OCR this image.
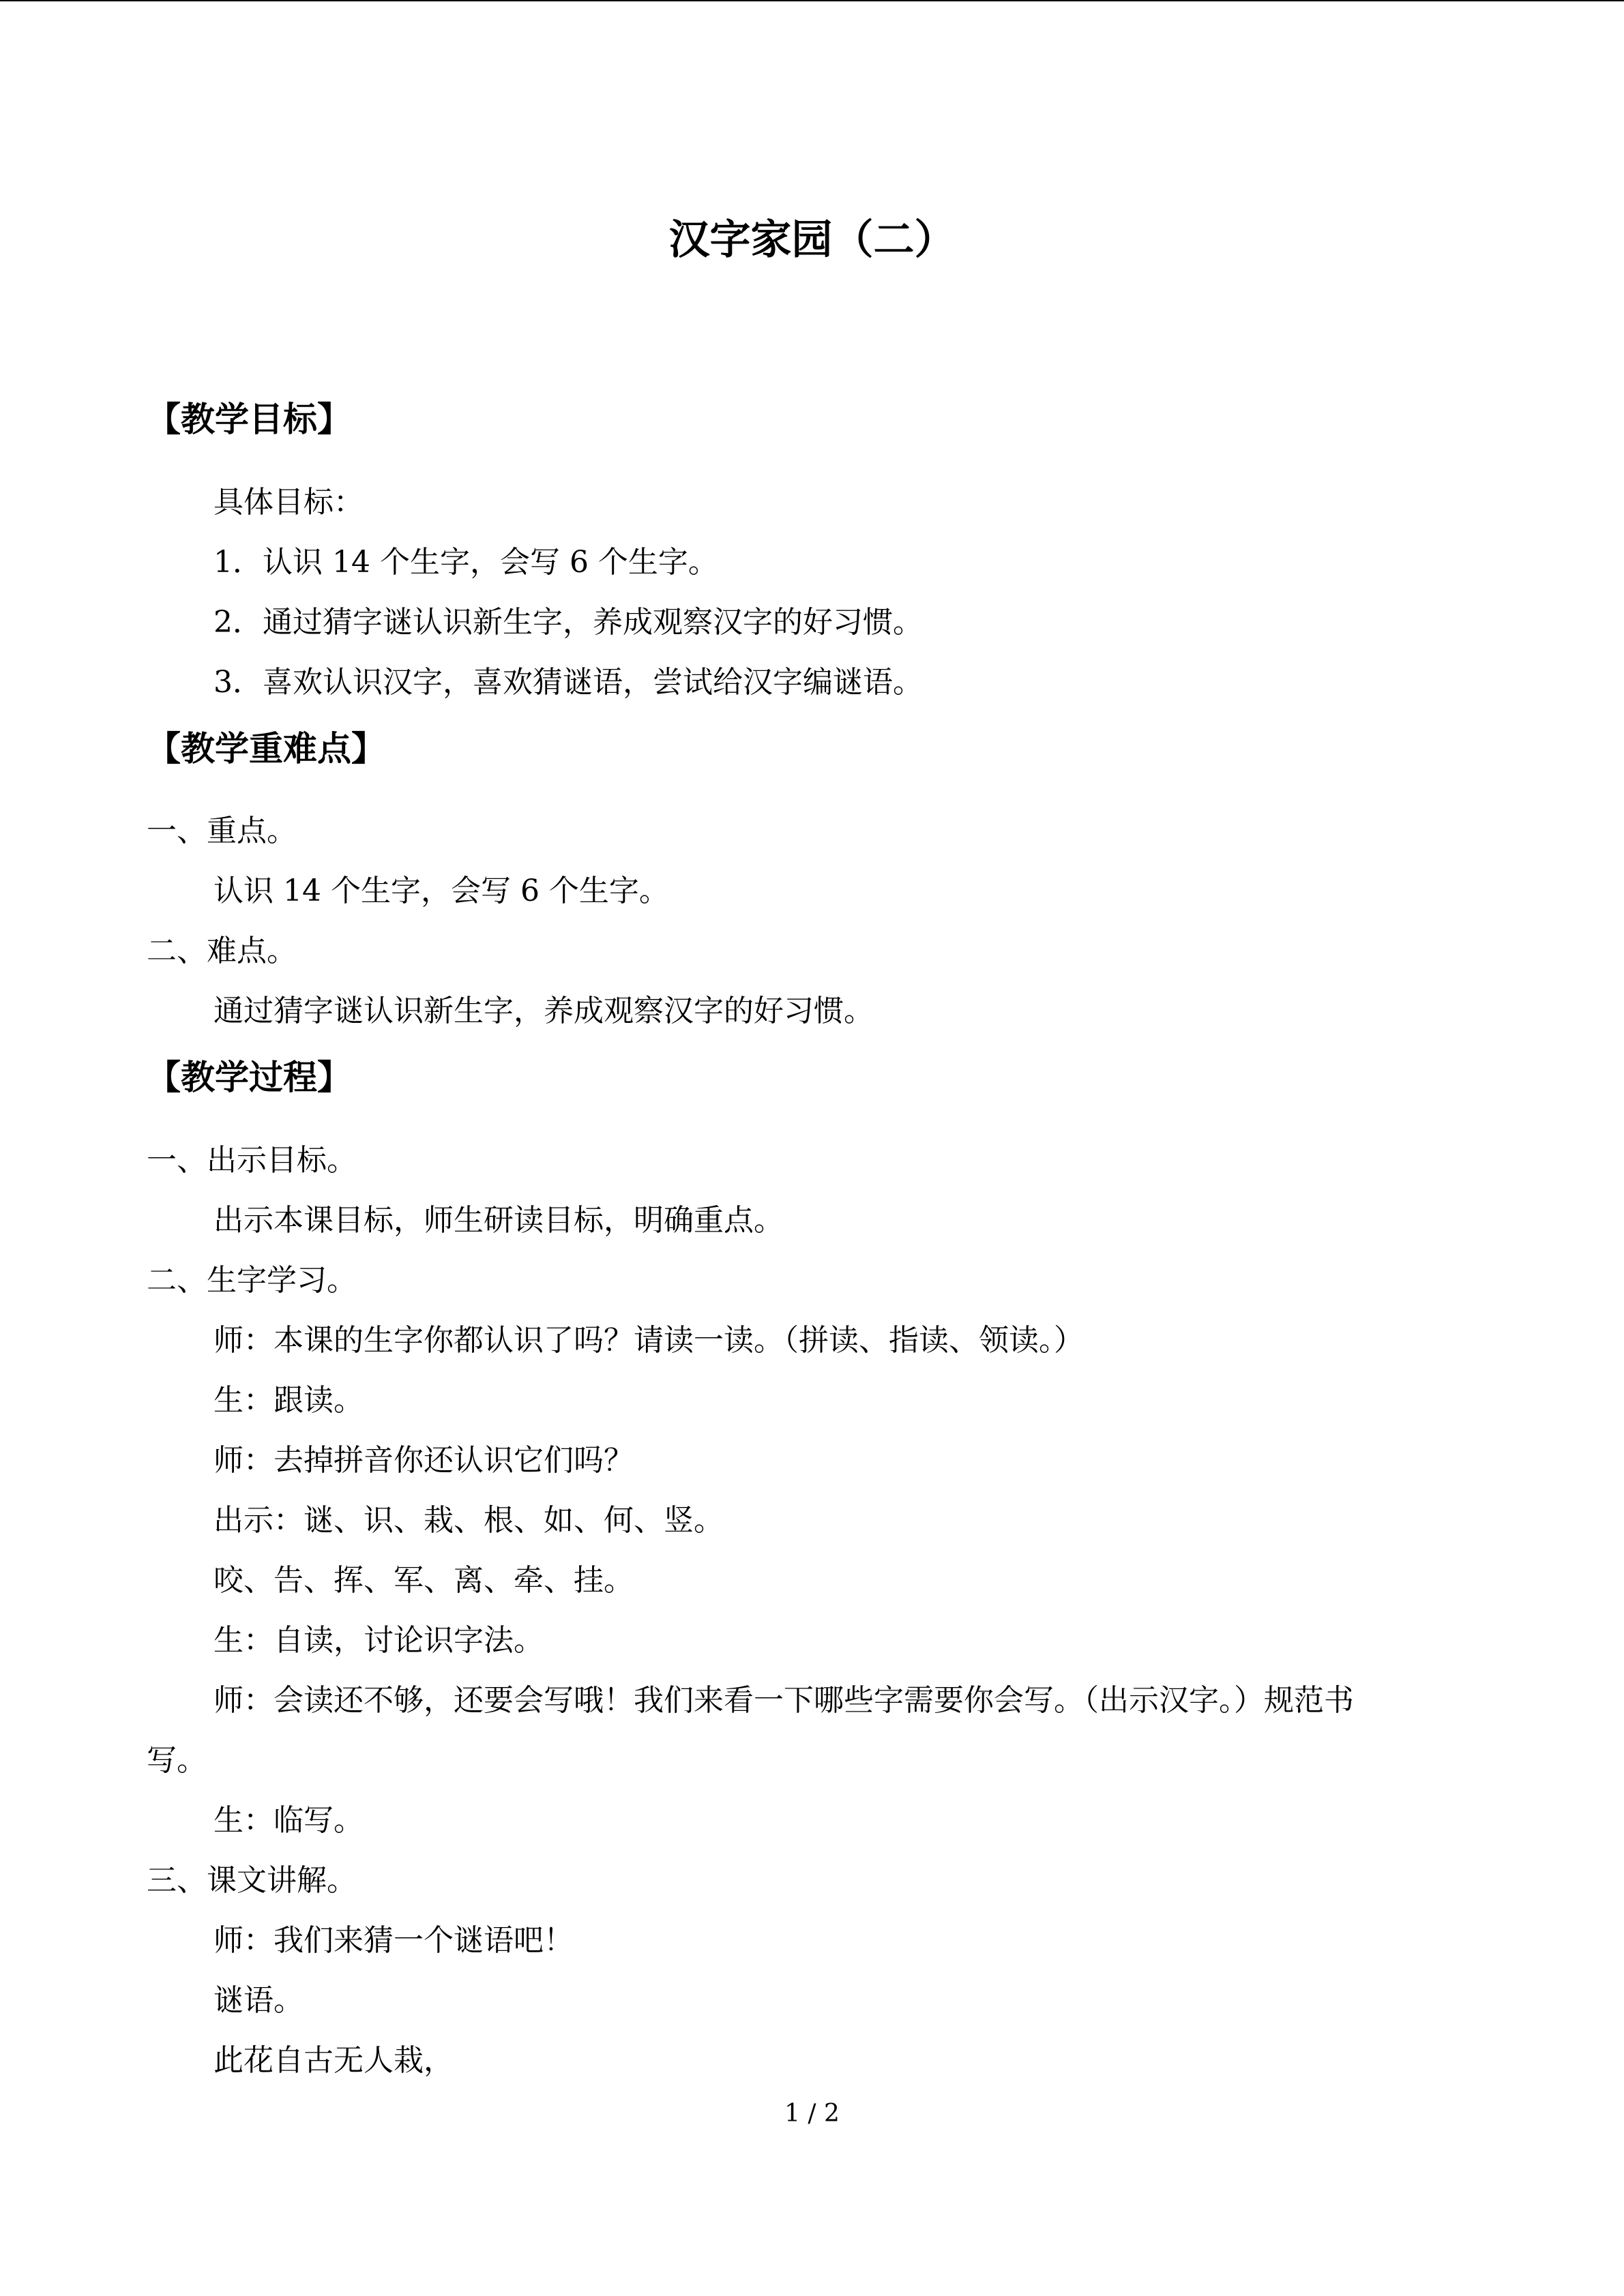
汉字家园（二）
【教学目标】
具体目标：
1．认识 14 个生字，会写 6 个生字。
2．通过猜字谜认识新生字，养成观察汉字的好习惯。
3．喜欢认识汉字，喜欢猜谜语，尝试给汉字编谜语。
【教学重难点】
一、重点。
认识 14 个生字，会写 6 个生字。
二、难点。
通过猜字谜认识新生字，养成观察汉字的好习惯。
【教学过程】
一、出示目标。
出示本课目标，师生研读目标，明确重点。
二、生字学习。
师：本课的生字你都认识了吗？请读一读。（拼读、指读、领读。）
生：跟读。
师：去掉拼音你还认识它们吗？
出示：谜、识、栽、根、如、何、竖。
咬、告、挥、军、离、牵、挂。
生：自读，讨论识字法。
师：会读还不够，还要会写哦！我们来看一下哪些字需要你会写。（出示汉字。）规范书
写。
生：临写。
三、课文讲解。
师：我们来猜一个谜语吧！
谜语。
此花自古无人栽，
1 / 2
